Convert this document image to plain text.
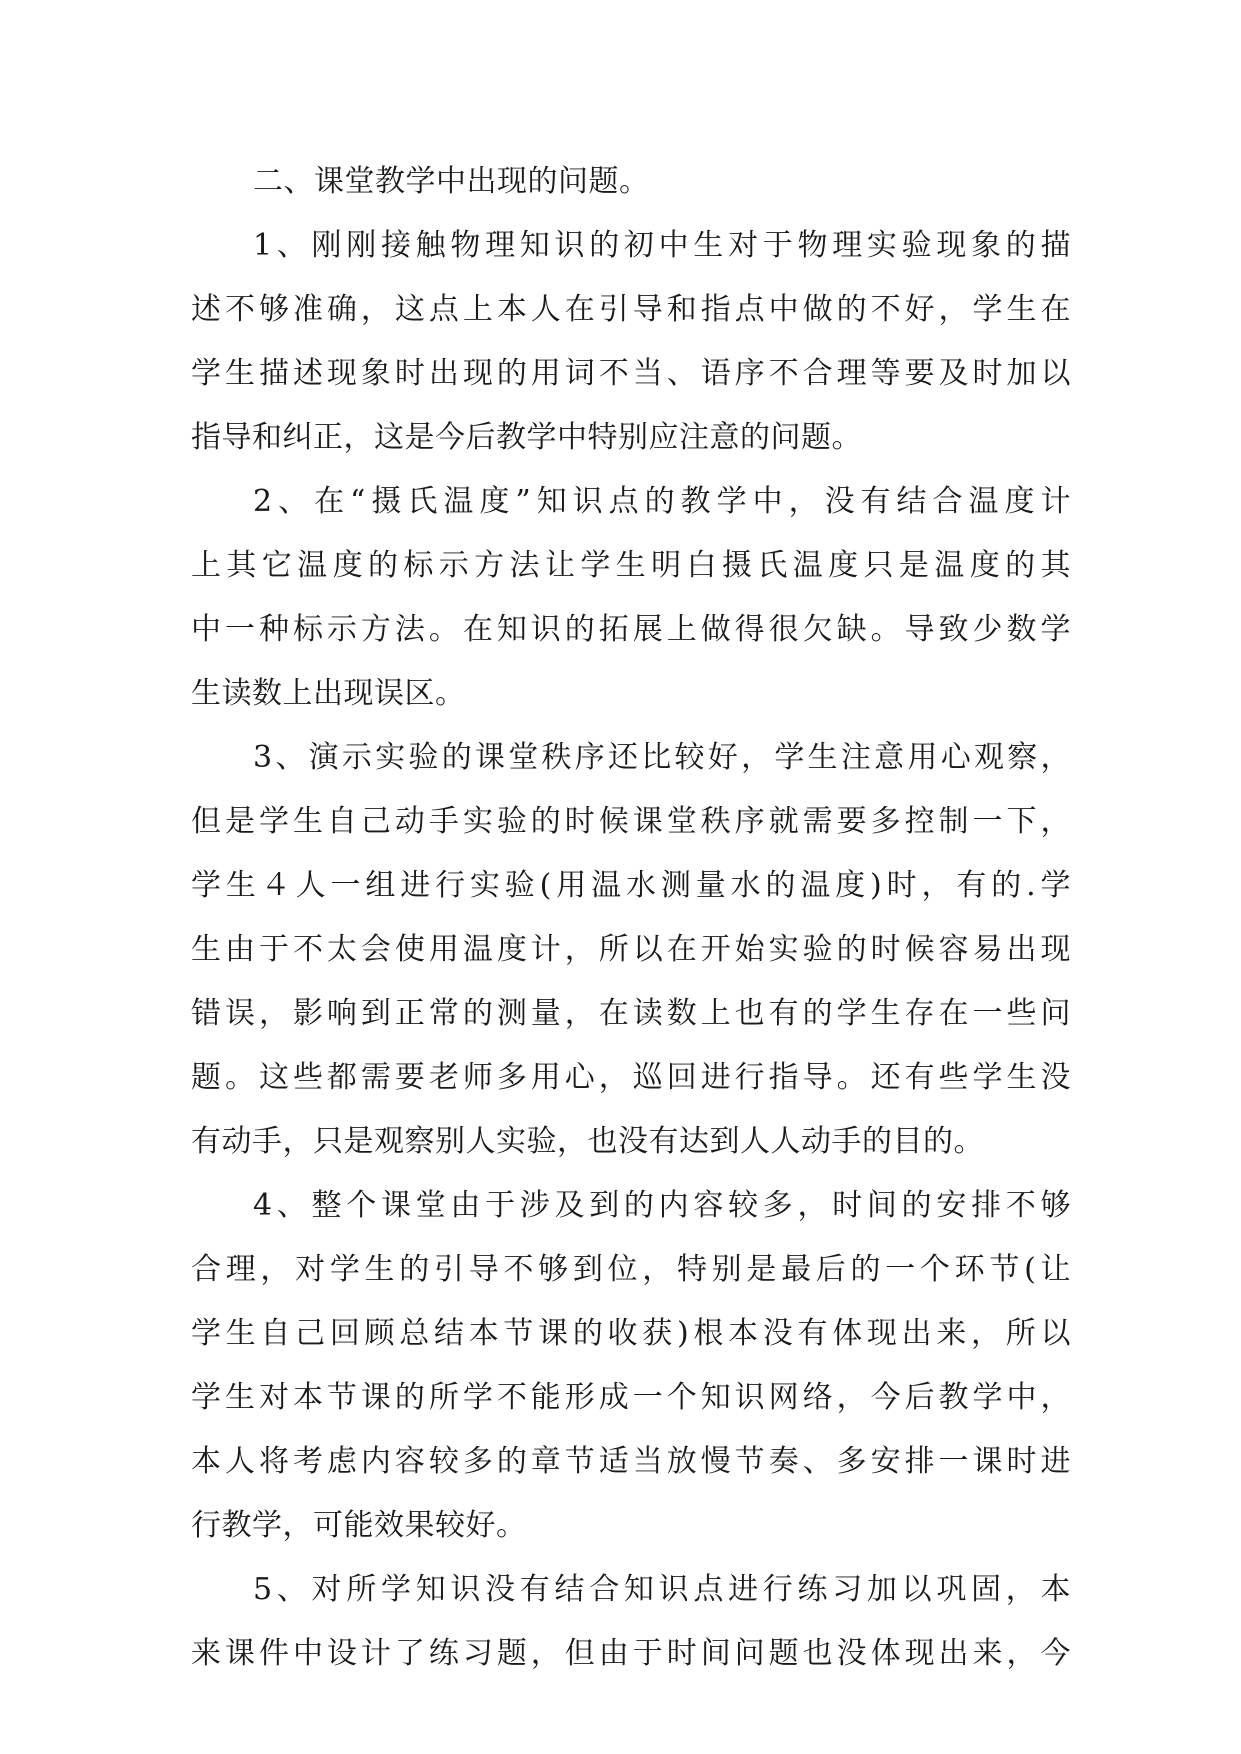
二、课堂教学中出现的问题。
1、刚刚接触物理知识的初中生对于物理实验现象的描
述不够准确，这点上本人在引导和指点中做的不好，学生在
学生描述现象时出现的用词不当、语序不合理等要及时加以
指导和纠正，这是今后教学中特别应注意的问题。
2、在“摄氏温度”知识点的教学中，没有结合温度计
上其它温度的标示方法让学生明白摄氏温度只是温度的其
中一种标示方法。在知识的拓展上做得很欠缺。导致少数学
生读数上出现误区。
3、演示实验的课堂秩序还比较好，学生注意用心观察，
但是学生自己动手实验的时候课堂秩序就需要多控制一下，
学生４人一组进行实验(用温水测量水的温度)时，有的.学
生由于不太会使用温度计，所以在开始实验的时候容易出现
错误，影响到正常的测量，在读数上也有的学生存在一些问
题。这些都需要老师多用心，巡回进行指导。还有些学生没
有动手，只是观察别人实验，也没有达到人人动手的目的。
4、整个课堂由于涉及到的内容较多，时间的安排不够
合理，对学生的引导不够到位，特别是最后的一个环节(让
学生自己回顾总结本节课的收获)根本没有体现出来，所以
学生对本节课的所学不能形成一个知识网络，今后教学中，
本人将考虑内容较多的章节适当放慢节奏、多安排一课时进
行教学，可能效果较好。
5、对所学知识没有结合知识点进行练习加以巩固，本
来课件中设计了练习题，但由于时间问题也没体现出来，今
